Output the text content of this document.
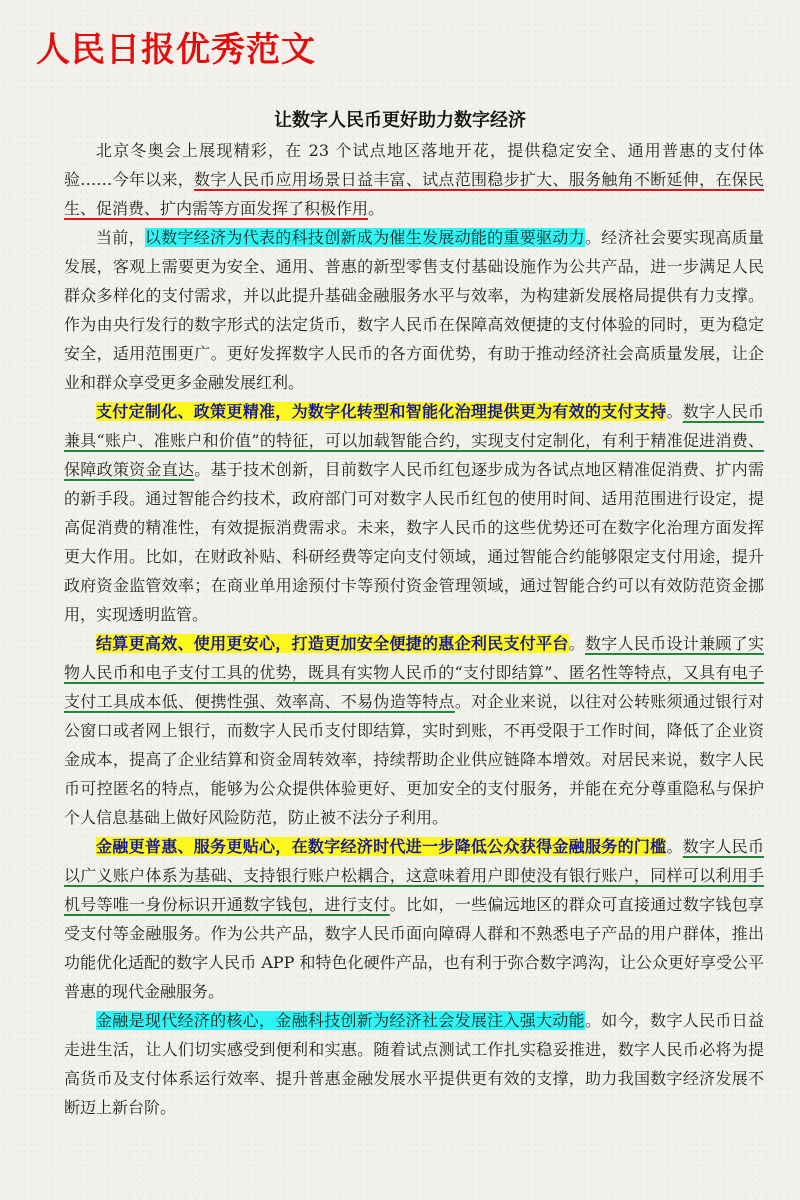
人民日报优秀范文
让数字人民币更好助力数字经济

北京冬奥会上展现精彩，在 23 个试点地区落地开花，提供稳定安全、通用普惠的支付体验……今年以来，数字人民币应用场景日益丰富、试点范围稳步扩大、服务触角不断延伸，在保民生、促消费、扩内需等方面发挥了积极作用。

当前，以数字经济为代表的科技创新成为催生发展动能的重要驱动力。经济社会要实现高质量发展，客观上需要更为安全、通用、普惠的新型零售支付基础设施作为公共产品，进一步满足人民群众多样化的支付需求，并以此提升基础金融服务水平与效率，为构建新发展格局提供有力支撑。作为由央行发行的数字形式的法定货币，数字人民币在保障高效便捷的支付体验的同时，更为稳定安全，适用范围更广。更好发挥数字人民币的各方面优势，有助于推动经济社会高质量发展，让企业和群众享受更多金融发展红利。

支付定制化、政策更精准，为数字化转型和智能化治理提供更为有效的支付支持。数字人民币兼具“账户、准账户和价值”的特征，可以加载智能合约，实现支付定制化，有利于精准促进消费、保障政策资金直达。基于技术创新，目前数字人民币红包逐步成为各试点地区精准促消费、扩内需的新手段。通过智能合约技术，政府部门可对数字人民币红包的使用时间、适用范围进行设定，提高促消费的精准性，有效提振消费需求。未来，数字人民币的这些优势还可在数字化治理方面发挥更大作用。比如，在财政补贴、科研经费等定向支付领域，通过智能合约能够限定支付用途，提升政府资金监管效率；在商业单用途预付卡等预付资金管理领域，通过智能合约可以有效防范资金挪用，实现透明监管。

结算更高效、使用更安心，打造更加安全便捷的惠企利民支付平台。数字人民币设计兼顾了实物人民币和电子支付工具的优势，既具有实物人民币的“支付即结算”、匿名性等特点，又具有电子支付工具成本低、便携性强、效率高、不易伪造等特点。对企业来说，以往对公转账须通过银行对公窗口或者网上银行，而数字人民币支付即结算，实时到账，不再受限于工作时间，降低了企业资金成本，提高了企业结算和资金周转效率，持续帮助企业供应链降本增效。对居民来说，数字人民币可控匿名的特点，能够为公众提供体验更好、更加安全的支付服务，并能在充分尊重隐私与保护个人信息基础上做好风险防范，防止被不法分子利用。

金融更普惠、服务更贴心，在数字经济时代进一步降低公众获得金融服务的门槛。数字人民币以广义账户体系为基础、支持银行账户松耦合，这意味着用户即使没有银行账户，同样可以利用手机号等唯一身份标识开通数字钱包，进行支付。比如，一些偏远地区的群众可直接通过数字钱包享受支付等金融服务。作为公共产品，数字人民币面向障碍人群和不熟悉电子产品的用户群体，推出功能优化适配的数字人民币 APP 和特色化硬件产品，也有利于弥合数字鸿沟，让公众更好享受公平普惠的现代金融服务。

金融是现代经济的核心，金融科技创新为经济社会发展注入强大动能。如今，数字人民币日益走进生活，让人们切实感受到便利和实惠。随着试点测试工作扎实稳妥推进，数字人民币必将为提高货币及支付体系运行效率、提升普惠金融发展水平提供更有效的支撑，助力我国数字经济发展不断迈上新台阶。
